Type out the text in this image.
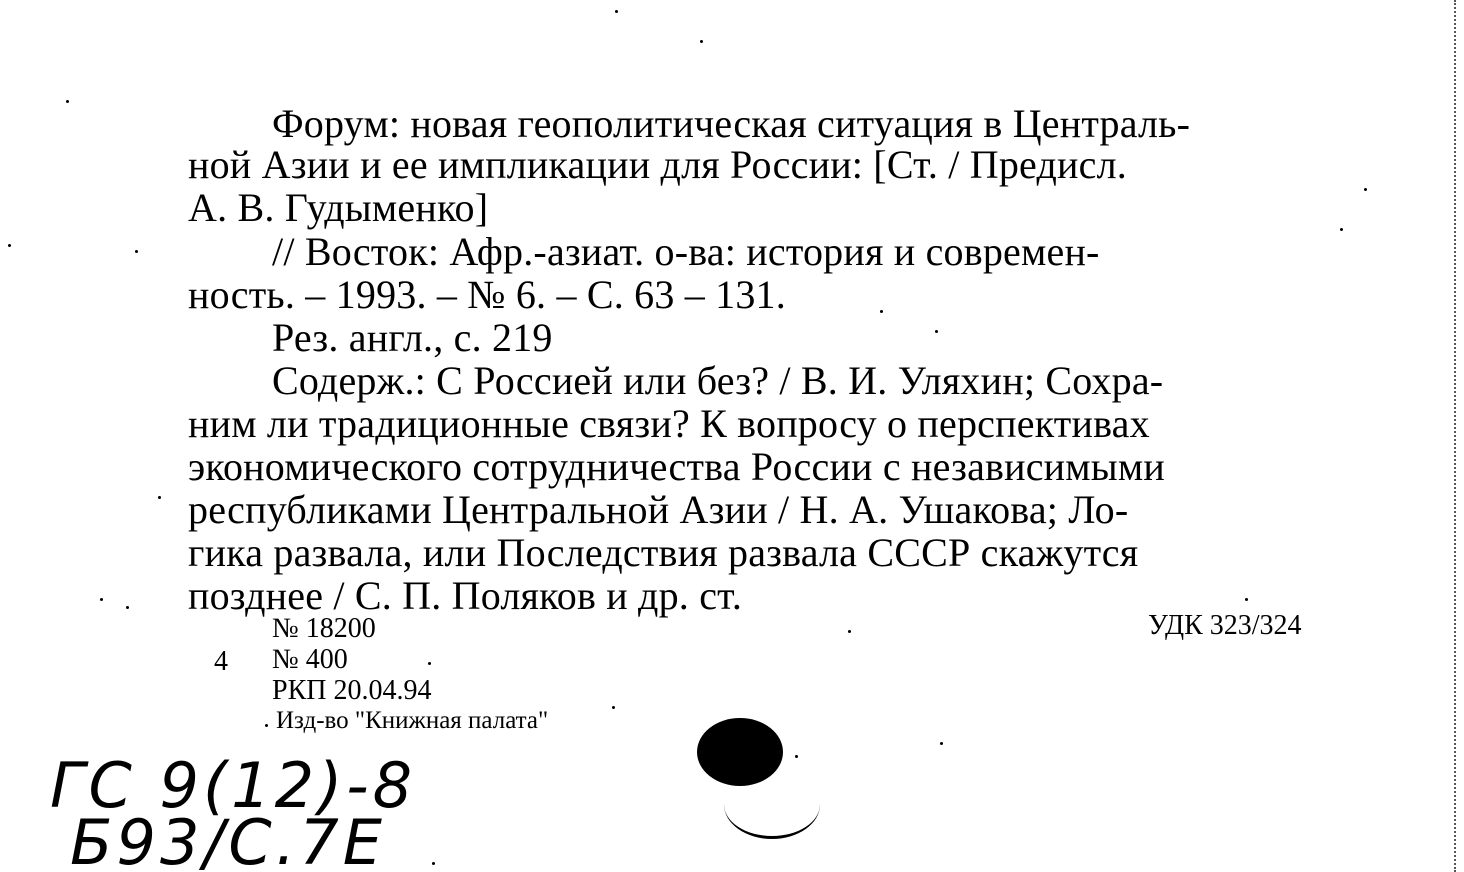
Форум: новая геополитическая ситуация в Централь-
ной Азии и ее импликации для России: [Ст. / Предисл.
А. В. Гудыменко]
// Восток: Афр.-азиат. о-ва: история и современ-
ность. – 1993. – № 6. – С. 63 – 131.
Рез. англ., с. 219
Содерж.: С Россией или без? / В. И. Уляхин; Сохра-
ним ли традиционные связи? К вопросу о перспективах
экономического сотрудничества России с независимыми
республиками Центральной Азии / Н. А. Ушакова; Ло-
гика развала, или Последствия развала СССР скажутся
позднее / С. П. Поляков и др. ст.
№ 18200	УДК 323/324
4 № 400
РКП 20.04.94
Изд-во "Книжная палата"
ГС 9(12)-8
Б93/С.7Е
